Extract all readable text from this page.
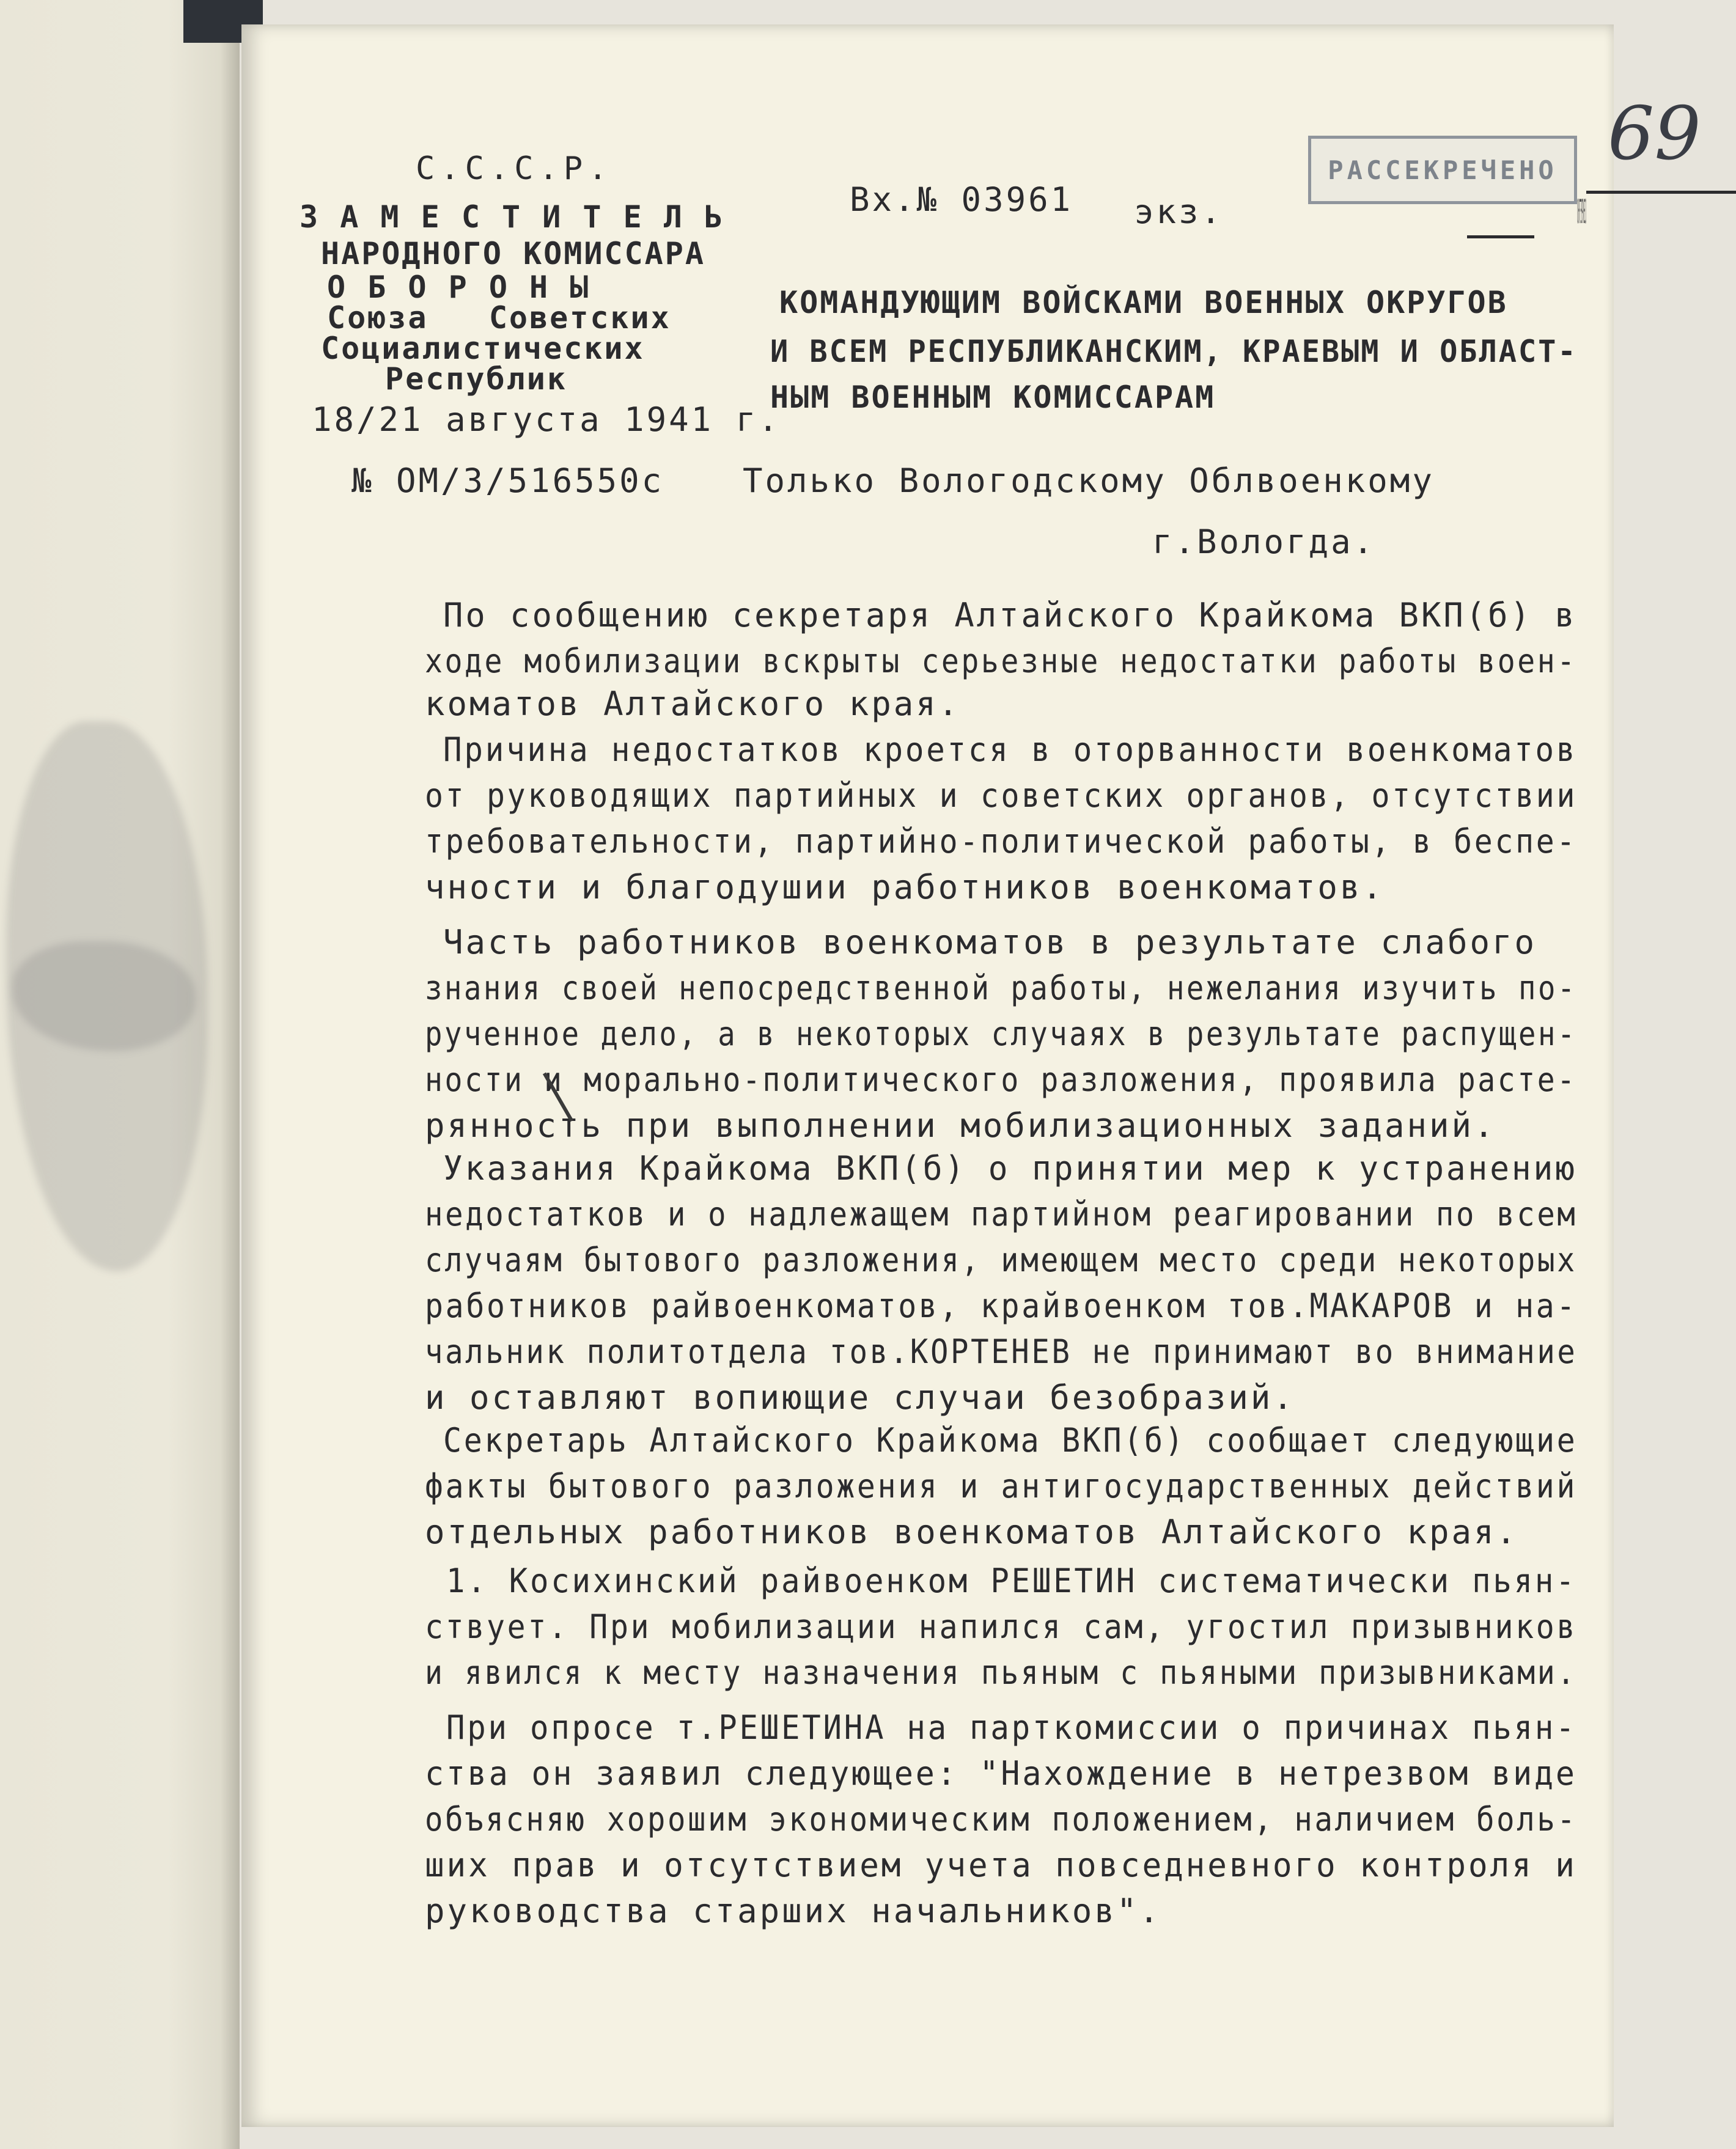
69
РАССЕКРЕЧЕНО
С.С.С.Р.
З А М Е С Т И Т Е Л Ь
НАРОДНОГО КОМИССАРА
О Б О Р О Н Ы
Союза   Советских
Социалистических
Республик
18/21 августа 1941 г.
№ ОМ/3/516550с
Вх.№ 03961 экз.	СЕКРЕТНО
КОМАНДУЮЩИМ ВОЙСКАМИ ВОЕННЫХ ОКРУГОВ
И ВСЕМ РЕСПУБЛИКАНСКИМ, КРАЕВЫМ И ОБЛАСТ-
НЫМ ВОЕННЫМ КОМИССАРАМ
Только Вологодскому Облвоенкому
г.Вологда.
По сообщению секретаря Алтайского Крайкома ВКП(б) в
ходе мобилизации вскрыты серьезные недостатки работы воен-
коматов Алтайского края.
Причина недостатков кроется в оторванности военкоматов
от руководящих партийных и советских органов, отсутствии
требовательности, партийно-политической работы, в беспе-
чности и благодушии работников военкоматов.
Часть работников военкоматов в результате слабого
знания своей непосредственной работы, нежелания изучить по-
рученное дело, а в некоторых случаях в результате распущен-
ности и морально-политического разложения, проявила расте-
рянность при выполнении мобилизационных заданий.
Указания Крайкома ВКП(б) о принятии мер к устранению
недостатков и о надлежащем партийном реагировании по всем
случаям бытового разложения, имеющем место среди некоторых
работников райвоенкоматов, крайвоенком тов.МАКАРОВ и на-
чальник политотдела тов.КОРТЕНЕВ не принимают во внимание
и оставляют вопиющие случаи безобразий.
Секретарь Алтайского Крайкома ВКП(б) сообщает следующие
факты бытового разложения и антигосударственных действий
отдельных работников военкоматов Алтайского края.
1. Косихинский райвоенком РЕШЕТИН систематически пьян-
ствует. При мобилизации напился сам, угостил призывников
и явился к месту назначения пьяным с пьяными призывниками.
При опросе т.РЕШЕТИНА на парткомиссии о причинах пьян-
ства он заявил следующее: "Нахождение в нетрезвом виде
объясняю хорошим экономическим положением, наличием боль-
ших прав и отсутствием учета повседневного контроля и
руководства старших начальников".
